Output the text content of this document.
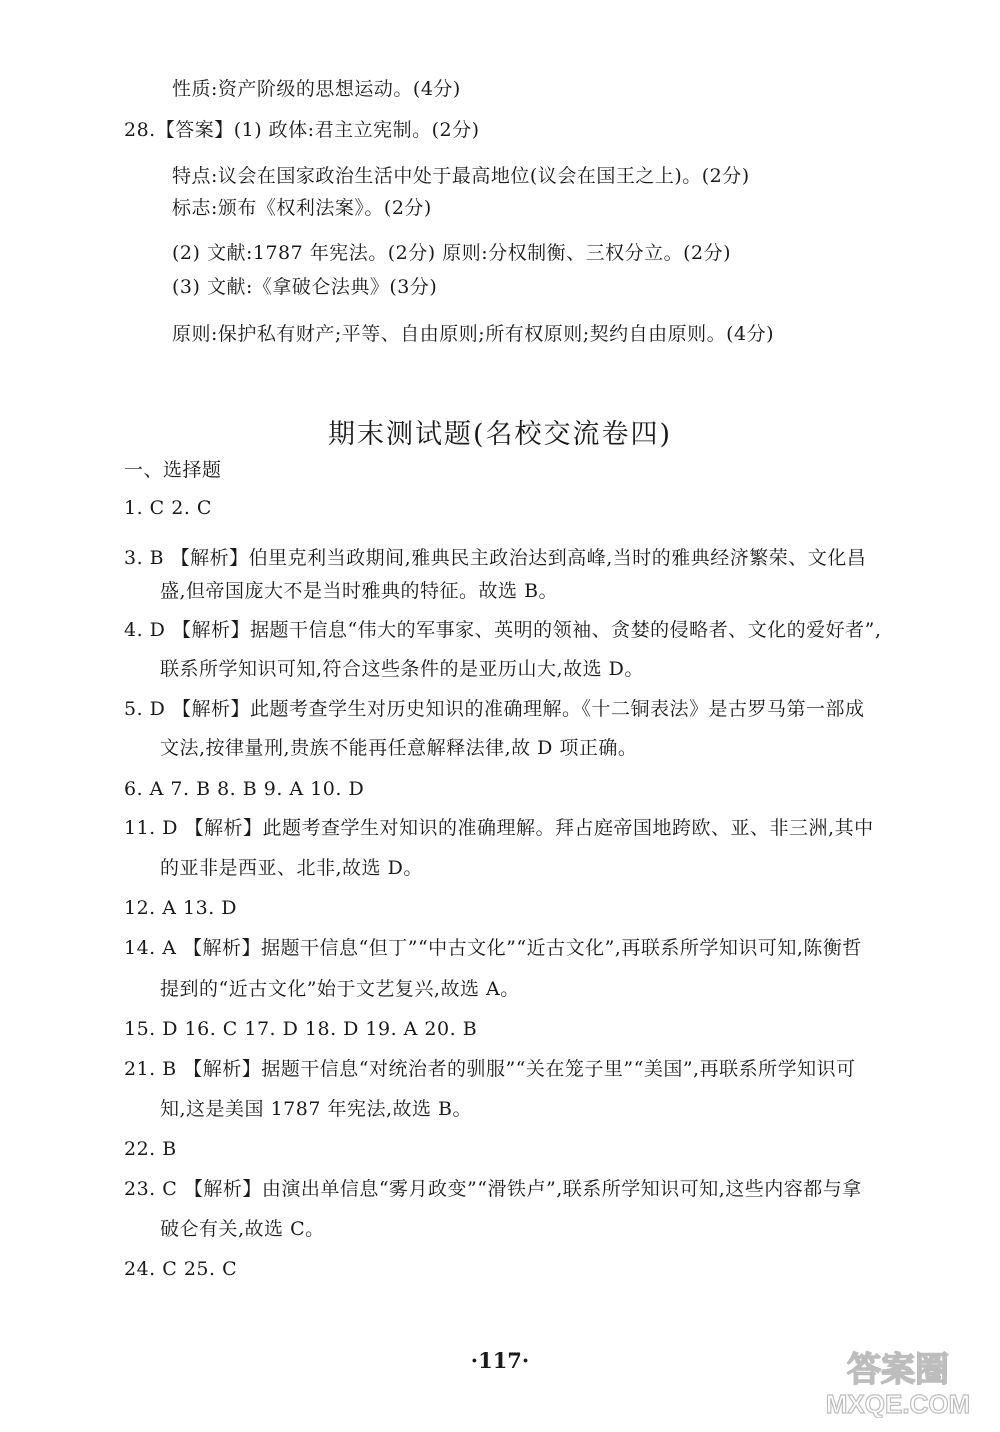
性质:资产阶级的思想运动。(4分)
28.【答案】(1) 政体:君主立宪制。(2分)
特点:议会在国家政治生活中处于最高地位(议会在国王之上)。(2分)
标志:颁布《权利法案》。(2分)
(2) 文献:1787 年宪法。(2分) 原则:分权制衡、三权分立。(2分)
(3) 文献:《拿破仑法典》(3分)
原则:保护私有财产;平等、自由原则;所有权原则;契约自由原则。(4分)
期末测试题(名校交流卷四)
一、选择题
1. C 2. C
3. B 【解析】伯里克利当政期间,雅典民主政治达到高峰,当时的雅典经济繁荣、文化昌
盛,但帝国庞大不是当时雅典的特征。故选 B。
4. D 【解析】据题干信息“伟大的军事家、英明的领袖、贪婪的侵略者、文化的爱好者”,
联系所学知识可知,符合这些条件的是亚历山大,故选 D。
5. D 【解析】此题考查学生对历史知识的准确理解。《十二铜表法》是古罗马第一部成
文法,按律量刑,贵族不能再任意解释法律,故 D 项正确。
6. A 7. B 8. B 9. A 10. D
11. D 【解析】此题考查学生对知识的准确理解。拜占庭帝国地跨欧、亚、非三洲,其中
的亚非是西亚、北非,故选 D。
12. A 13. D
14. A 【解析】据题干信息“但丁”“中古文化”“近古文化”,再联系所学知识可知,陈衡哲
提到的“近古文化”始于文艺复兴,故选 A。
15. D 16. C 17. D 18. D 19. A 20. B
21. B 【解析】据题干信息“对统治者的驯服”“关在笼子里”“美国”,再联系所学知识可
知,这是美国 1787 年宪法,故选 B。
22. B
23. C 【解析】由演出单信息“雾月政变”“滑铁卢”,联系所学知识可知,这些内容都与拿
破仑有关,故选 C。
24. C 25. C
·117·	答案圈
MXQE.COM
